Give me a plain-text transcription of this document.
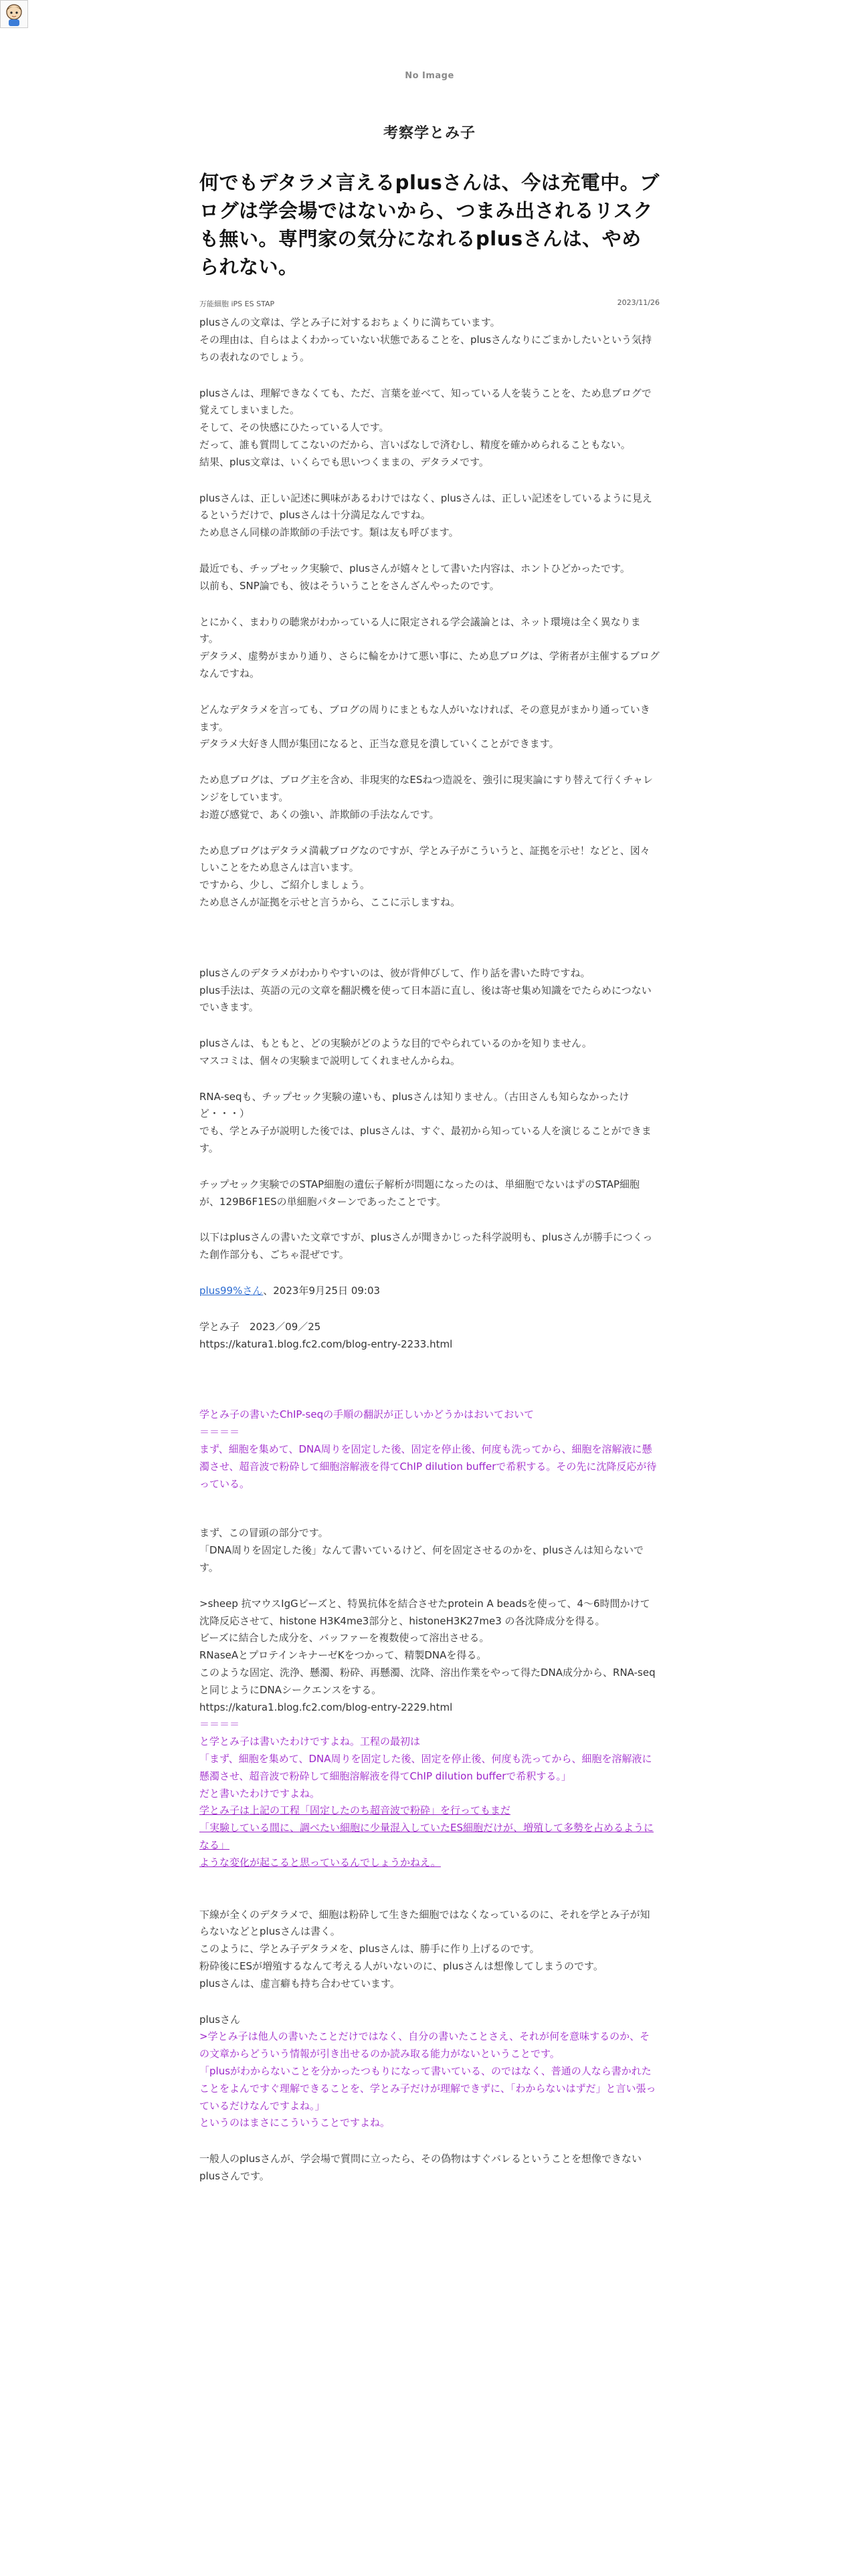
No Image
考察学とみ子
何でもデタラメ言えるplusさんは、今は充電中。ブログは学会場ではないから、つまみ出されるリスクも無い。専門家の気分になれるplusさんは、やめられない。
万能細胞 iPS ES STAP	2023/11/26

plusさんの文章は、学とみ子に対するおちょくりに満ちています。
その理由は、自らはよくわかっていない状態であることを、plusさんなりにごまかしたいという気持ちの表れなのでしょう。

plusさんは、理解できなくても、ただ、言葉を並べて、知っている人を装うことを、ため息ブログで覚えてしまいました。
そして、その快感にひたっている人です。
だって、誰も質問してこないのだから、言いばなしで済むし、精度を確かめられることもない。
結果、plus文章は、いくらでも思いつくままの、デタラメです。

plusさんは、正しい記述に興味があるわけではなく、plusさんは、正しい記述をしているように見えるというだけで、plusさんは十分満足なんですね。
ため息さん同様の詐欺師の手法です。類は友も呼びます。

最近でも、チップセック実験で、plusさんが嬉々として書いた内容は、ホントひどかったです。
以前も、SNP論でも、彼はそういうことをさんざんやったのです。

とにかく、まわりの聴衆がわかっている人に限定される学会議論とは、ネット環境は全く異なります。
デタラメ、虚勢がまかり通り、さらに輪をかけて悪い事に、ため息ブログは、学術者が主催するブログなんですね。

どんなデタラメを言っても、ブログの周りにまともな人がいなければ、その意見がまかり通っていきます。
デタラメ大好き人間が集団になると、正当な意見を潰していくことができます。

ため息ブログは、ブログ主を含め、非現実的なESねつ造説を、強引に現実論にすり替えて行くチャレンジをしています。
お遊び感覚で、あくの強い、詐欺師の手法なんです。

ため息ブログはデタラメ満載ブログなのですが、学とみ子がこういうと、証拠を示せ！などと、図々しいことをため息さんは言います。
ですから、少し、ご紹介しましょう。
ため息さんが証拠を示せと言うから、ここに示しますね。

plusさんのデタラメがわかりやすいのは、彼が背伸びして、作り話を書いた時ですね。
plus手法は、英語の元の文章を翻訳機を使って日本語に直し、後は寄せ集め知識をでたらめにつないでいきます。

plusさんは、もともと、どの実験がどのような目的でやられているのかを知りません。
マスコミは、個々の実験まで説明してくれませんからね。

RNA-seqも、チップセック実験の違いも、plusさんは知りません。（古田さんも知らなかったけど・・・）
でも、学とみ子が説明した後では、plusさんは、すぐ、最初から知っている人を演じることができます。

チップセック実験でのSTAP細胞の遺伝子解析が問題になったのは、単細胞でないはずのSTAP細胞が、129B6F1ESの単細胞パターンであったことです。

以下はplusさんの書いた文章ですが、plusさんが聞きかじった科学説明も、plusさんが勝手につくった創作部分も、ごちゃ混ぜです。

plus99%さん、2023年9月25日 09:03

学とみ子　2023／09／25
https://katura1.blog.fc2.com/blog-entry-2233.html

学とみ子の書いたChIP-seqの手順の翻訳が正しいかどうかはおいておいて
＝＝＝＝
まず、細胞を集めて、DNA周りを固定した後、固定を停止後、何度も洗ってから、細胞を溶解液に懸濁させ、超音波で粉砕して細胞溶解液を得てChIP dilution bufferで希釈する。その先に沈降反応が待っている。

まず、この冒頭の部分です。
「DNA周りを固定した後」なんて書いているけど、何を固定させるのかを、plusさんは知らないです。

>sheep 抗マウスIgGビーズと、特異抗体を結合させたprotein A beadsを使って、4〜6時間かけて沈降反応させて、histone H3K4me3部分と、histoneH3K27me3 の各沈降成分を得る。
ビーズに結合した成分を、バッファーを複数使って溶出させる。
RNaseAとプロテインキナーゼKをつかって、精製DNAを得る。
このような固定、洗浄、懸濁、粉砕、再懸濁、沈降、溶出作業をやって得たDNA成分から、RNA-seqと同じようにDNAシークエンスをする。
https://katura1.blog.fc2.com/blog-entry-2229.html

＝＝＝＝
と学とみ子は書いたわけですよね。工程の最初は
「まず、細胞を集めて、DNA周りを固定した後、固定を停止後、何度も洗ってから、細胞を溶解液に懸濁させ、超音波で粉砕して細胞溶解液を得てChIP dilution bufferで希釈する。」
だと書いたわけですよね。

学とみ子は上記の工程「固定したのち超音波で粉砕」を行ってもまだ
「実験している間に、調べたい細胞に少量混入していたES細胞だけが、増殖して多勢を占めるようになる」
ような変化が起こると思っているんでしょうかねえ。

下線が全くのデタラメで、細胞は粉砕して生きた細胞ではなくなっているのに、それを学とみ子が知らないなどとplusさんは書く。
このように、学とみ子デタラメを、plusさんは、勝手に作り上げるのです。
粉砕後にESが増殖するなんて考える人がいないのに、plusさんは想像してしまうのです。
plusさんは、虚言癖も持ち合わせています。

plusさん
>学とみ子は他人の書いたことだけではなく、自分の書いたことさえ、それが何を意味するのか、その文章からどういう情報が引き出せるのか読み取る能力がないということです。
「plusがわからないことを分かったつもりになって書いている、のではなく、普通の人なら書かれたことをよんですぐ理解できることを、学とみ子だけが理解できずに、「わからないはずだ」と言い張っているだけなんですよね。」
というのはまさにこういうことですよね。

一般人のplusさんが、学会場で質問に立ったら、その偽物はすぐバレるということを想像できないplusさんです。
